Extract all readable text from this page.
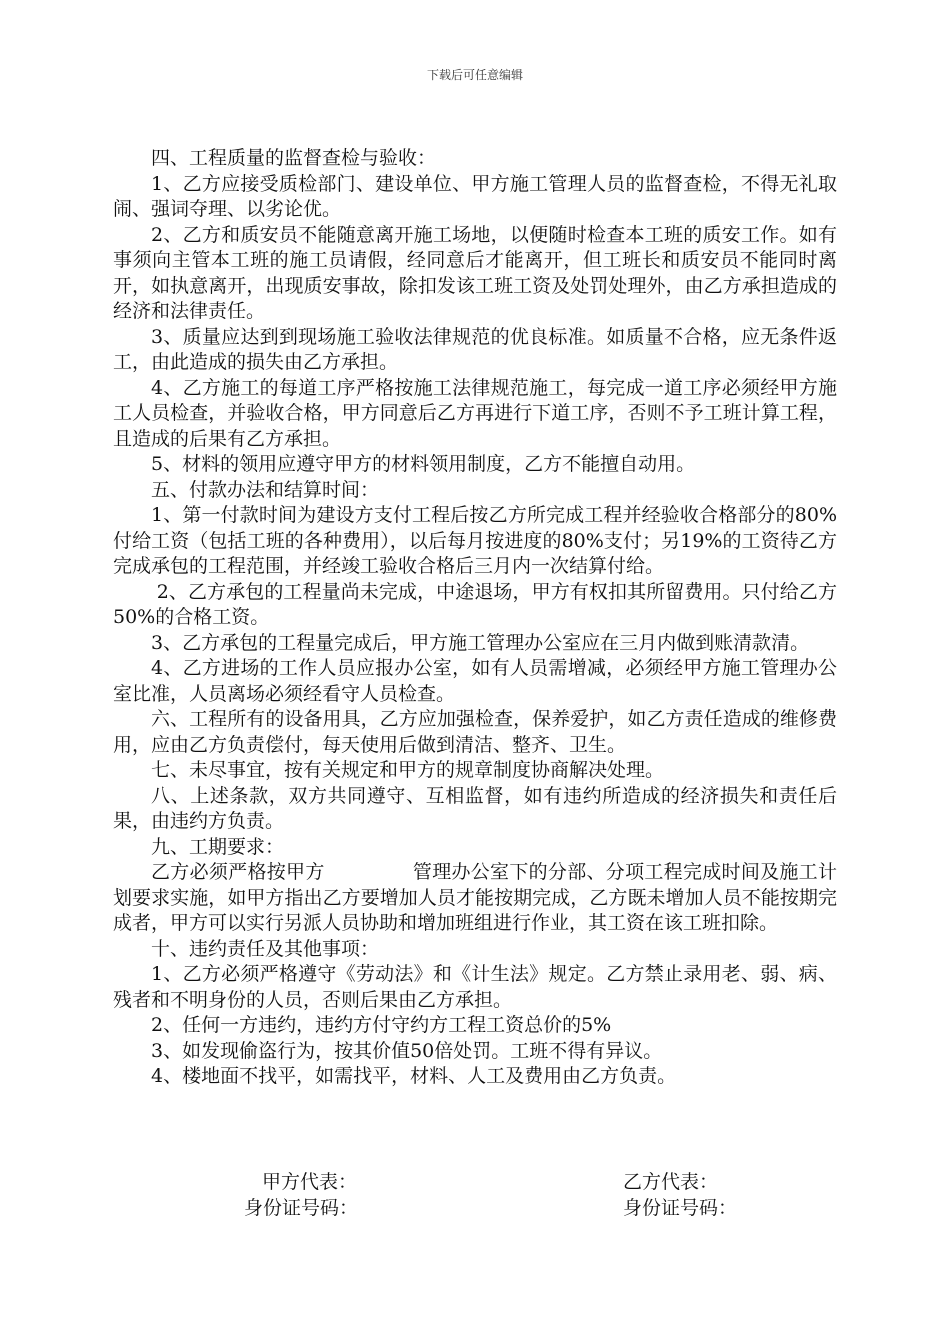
下载后可任意编辑

四、工程质量的监督查检与验收：

1、乙方应接受质检部门、建设单位、甲方施工管理人员的监督查检，不得无礼取闹、强词夺理、以劣论优。

2、乙方和质安员不能随意离开施工场地，以便随时检查本工班的质安工作。如有事须向主管本工班的施工员请假，经同意后才能离开，但工班长和质安员不能同时离开，如执意离开，出现质安事故，除扣发该工班工资及处罚处理外，由乙方承担造成的经济和法律责任。

3、质量应达到到现场施工验收法律规范的优良标准。如质量不合格，应无条件返工，由此造成的损失由乙方承担。

4、乙方施工的每道工序严格按施工法律规范施工，每完成一道工序必须经甲方施工人员检查，并验收合格，甲方同意后乙方再进行下道工序，否则不予工班计算工程，且造成的后果有乙方承担。

5、材料的领用应遵守甲方的材料领用制度，乙方不能擅自动用。

五、付款办法和结算时间：

1、第一付款时间为建设方支付工程后按乙方所完成工程并经验收合格部分的80%付给工资（包括工班的各种费用），以后每月按进度的80%支付；另19%的工资待乙方完成承包的工程范围，并经竣工验收合格后三月内一次结算付给。

2、乙方承包的工程量尚未完成，中途退场，甲方有权扣其所留费用。只付给乙方50%的合格工资。

3、乙方承包的工程量完成后，甲方施工管理办公室应在三月内做到账清款清。

4、乙方进场的工作人员应报办公室，如有人员需增减，必须经甲方施工管理办公室比准，人员离场必须经看守人员检查。

六、工程所有的设备用具，乙方应加强检查，保养爱护，如乙方责任造成的维修费用，应由乙方负责偿付，每天使用后做到清洁、整齐、卫生。

七、未尽事宜，按有关规定和甲方的规章制度协商解决处理。

八、上述条款，双方共同遵守、互相监督，如有违约所造成的经济损失和责任后果，由违约方负责。

九、工期要求：

乙方必须严格按甲方	管理办公室下的分部、分项工程完成时间及施工计划要求实施，如甲方指出乙方要增加人员才能按期完成，乙方既未增加人员不能按期完成者，甲方可以实行另派人员协助和增加班组进行作业，其工资在该工班扣除。

十、违约责任及其他事项：

1、乙方必须严格遵守《劳动法》和《计生法》规定。乙方禁止录用老、弱、病、残者和不明身份的人员，否则后果由乙方承担。

2、任何一方违约，违约方付守约方工程工资总价的5%

3、如发现偷盗行为，按其价值50倍处罚。工班不得有异议。

4、楼地面不找平，如需找平，材料、人工及费用由乙方负责。

甲方代表：	乙方代表：
身份证号码：	身份证号码：
